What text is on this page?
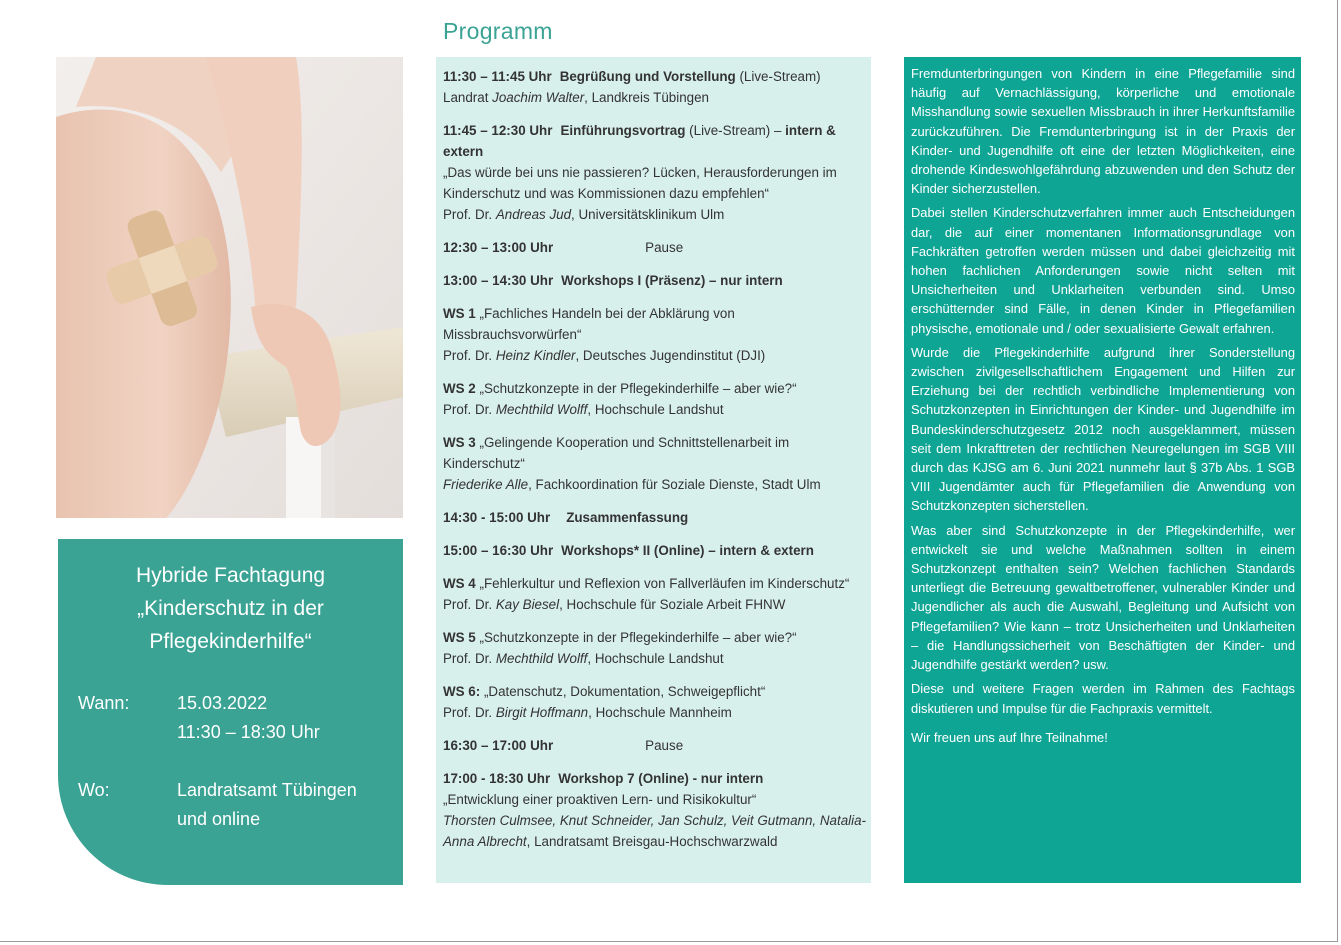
Hybride Fachtagung
„Kinderschutz in der
Pflegekinderhilfe“
Wann:	15.03.2022
11:30 – 18:30 Uhr
Wo:	Landratsamt Tübingen
und online
Programm
11:30 – 11:45 Uhr Begrüßung und Vorstellung (Live-Stream)
Landrat Joachim Walter, Landkreis Tübingen
11:45 – 12:30 Uhr Einführungsvortrag (Live-Stream) – intern & extern
„Das würde bei uns nie passieren? Lücken, Herausforderungen im Kinderschutz und was Kommissionen dazu empfehlen“
Prof. Dr. Andreas Jud, Universitätsklinikum Ulm
12:30 – 13:00 Uhr	Pause
13:00 – 14:30 Uhr Workshops I (Präsenz) – nur intern
WS 1 „Fachliches Handeln bei der Abklärung von Missbrauchsvorwürfen“
Prof. Dr. Heinz Kindler, Deutsches Jugendinstitut (DJI)
WS 2 „Schutzkonzepte in der Pflegekinderhilfe – aber wie?“
Prof. Dr. Mechthild Wolff, Hochschule Landshut
WS 3 „Gelingende Kooperation und Schnittstellenarbeit im Kinderschutz“
Friederike Alle, Fachkoordination für Soziale Dienste, Stadt Ulm
14:30 - 15:00 Uhr Zusammenfassung
15:00 – 16:30 Uhr Workshops* II (Online) – intern & extern
WS 4 „Fehlerkultur und Reflexion von Fallverläufen im Kinderschutz“
Prof. Dr. Kay Biesel, Hochschule für Soziale Arbeit FHNW
WS 5 „Schutzkonzepte in der Pflegekinderhilfe – aber wie?“
Prof. Dr. Mechthild Wolff, Hochschule Landshut
WS 6: „Datenschutz, Dokumentation, Schweigepflicht“
Prof. Dr. Birgit Hoffmann, Hochschule Mannheim
16:30 – 17:00 Uhr	Pause
17:00 - 18:30 Uhr Workshop 7 (Online) - nur intern
„Entwicklung einer proaktiven Lern- und Risikokultur“
Thorsten Culmsee, Knut Schneider, Jan Schulz, Veit Gutmann, Natalia-Anna Albrecht, Landratsamt Breisgau-Hochschwarzwald

Fremdunterbringungen von Kindern in eine Pflegefamilie sind häufig auf Vernachlässigung, körperliche und emotionale Misshandlung sowie sexuellen Missbrauch in ihrer Herkunftsfamilie zurückzuführen. Die Fremdunterbringung ist in der Praxis der Kinder- und Jugendhilfe oft eine der letzten Möglichkeiten, eine drohende Kindeswohlgefährdung abzuwenden und den Schutz der Kinder sicherzustellen.

Dabei stellen Kinderschutzverfahren immer auch Entscheidungen dar, die auf einer momentanen Informationsgrundlage von Fachkräften getroffen werden müssen und dabei gleichzeitig mit hohen fachlichen Anforderungen sowie nicht selten mit Unsicherheiten und Unklarheiten verbunden sind. Umso erschütternder sind Fälle, in denen Kinder in Pflegefamilien physische, emotionale und / oder sexualisierte Gewalt erfahren.

Wurde die Pflegekinderhilfe aufgrund ihrer Sonderstellung zwischen zivilgesellschaftlichem Engagement und Hilfen zur Erziehung bei der rechtlich verbindliche Implementierung von Schutzkonzepten in Einrichtungen der Kinder- und Jugendhilfe im Bundeskinderschutzgesetz 2012 noch ausgeklammert, müssen seit dem Inkrafttreten der rechtlichen Neuregelungen im SGB VIII durch das KJSG am 6. Juni 2021 nunmehr laut § 37b Abs. 1 SGB VIII Jugendämter auch für Pflegefamilien die Anwendung von Schutzkonzepten sicherstellen.

Was aber sind Schutzkonzepte in der Pflegekinderhilfe, wer entwickelt sie und welche Maßnahmen sollten in einem Schutzkonzept enthalten sein? Welchen fachlichen Standards unterliegt die Betreuung gewaltbetroffener, vulnerabler Kinder und Jugendlicher als auch die Auswahl, Begleitung und Aufsicht von Pflegefamilien? Wie kann – trotz Unsicherheiten und Unklarheiten – die Handlungssicherheit von Beschäftigten der Kinder- und Jugendhilfe gestärkt werden? usw.

Diese und weitere Fragen werden im Rahmen des Fachtags diskutieren und Impulse für die Fachpraxis vermittelt.

Wir freuen uns auf Ihre Teilnahme!
